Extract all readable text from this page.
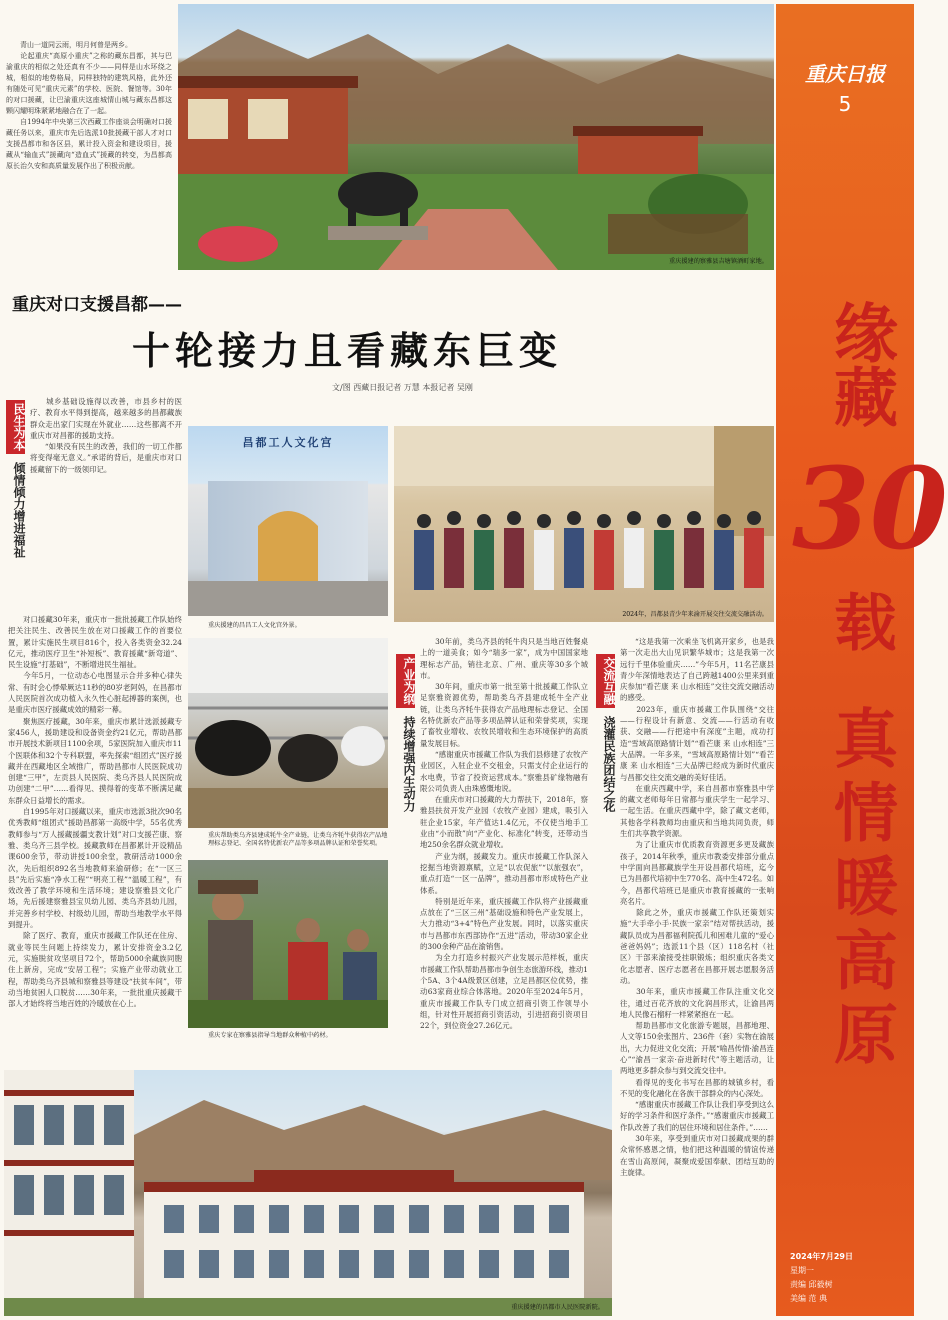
重庆援建的察雅县吉塘镇酒町家地。
重庆日报
5
缘藏
30
载
真情暖高原
2024年7月29日
星期一
责编 邱毅树
美编 范 典
　　青山一道同云雨，明月何曾是两乡。
　　论起重庆“高原小重庆”之称的藏东昌都，其与巴渝重庆的相似之处还真有不少——同样是山水环绕之城，相似的地势格局，同样独特的建筑风格，此外还有随处可见“重庆元素”的学校、医院、餐馆等。30年的对口援藏，让巴渝重庆这座城情山城与藏东昌都这颗闪耀明珠紧紧地融合在了一起。
　　自1994年中央第三次西藏工作座谈会明确对口援藏任务以来，重庆市先后选派10批援藏干部人才对口支援昌都市和各区县，累计投入资金和建设项目，援藏从“输血式”援藏向“造血式”援藏的转变，为昌都高原长治久安和高质量发展作出了积极贡献。
重庆对口支援昌都——
十轮接力且看藏东巨变
文/图 西藏日报记者 万慧 本报记者 吴刚
民生为本
倾情倾力增进福祉
　　城乡基础设施得以改善，市县乡村的医疗、教育水平得到提高，越来越多的昌都藏族群众走出家门实现在外就业……这些都离不开重庆市对昌都的援助支持。
　　“如果没有民生的改善，我们的一切工作都将变得毫无意义。”承诺的背后，是重庆市对口援藏留下的一级领印记。
　　对口援藏30年来，重庆市一批批援藏工作队始终把关注民生、改善民生放在对口援藏工作的首要位置，累计实施民生项目816个，投入各类资金32.24亿元，推动医疗卫生“补短板”、教育援藏“新弯道”、民生设施“打基础”，不断增进民生福祉。
　　今年5月，一位动态心电图显示合并多种心律失常、有时会心悸晕厥达11秒的80岁老阿妈，在昌都市人民医院首次成功植入永久性心脏起搏器的案例，也是重庆市医疗援藏成效的精彩一幕。
　　聚焦医疗援藏，30年来，重庆市累计选派援藏专家456人，援助建设和设备资金约21亿元，帮助昌都市开展技术新项目1100余项，5家医院加入重庆市11个医联体和32个专科联盟，率先探索“组团式”医疗援藏并在西藏地区全域推广，帮助昌都市人民医院成功创建“三甲”，左贡县人民医院、类乌齐县人民医院成功创建“二甲”……看得见、摸得着的变革不断满足藏东群众日益增长的需求。
　　自1995年对口援藏以来，重庆市选派3批次90名优秀教师“组团式”援助昌都第一高级中学，55名优秀教师参与“万人援藏援疆支教计划”对口支援芒康、察雅、类乌齐三县学校。援藏教师在昌都累计开设精品课600余节，带动讲授100余堂，教研活动1000余次，先后组织892名当地教师来渝研修；在“一区三县”先后实施“净水工程”“明亮工程”“温暖工程”，有效改善了教学环境和生活环境；建设察雅县文化广场，先后援建察雅县宝贝幼儿园、类乌齐县幼儿园，并完善乡村学校、村级幼儿园，帮助当地教学水平得到提升。
　　除了医疗、教育，重庆市援藏工作队还在住房、就业等民生问题上持续发力，累计安排资金3.2亿元，实施脱贫攻坚项目72个，帮助5000余藏族同胞住上新房，完成“安居工程”；实施产业带动就业工程，帮助类乌齐县城和察雅县等建设“扶贫车间”，带动当地贫困人口脱贫……30年来，一批批重庆援藏干部人才始终将当地百姓的冷暖放在心上。
昌都工人文化宫
重庆援建的昌昌工人文化宫外景。
重庆帮助类乌齐县建成牦牛全产业链，让类乌齐牦牛获得农产品地理标志登记、全国名特优新农产品等多项品牌认证和荣誉奖项。
重庆专家在察雅县指导当地群众种植中药材。
2024年，昌都县青少年来渝开展交往交流交融活动。
产业为纲
持续增强内生动力
　　30年前，类乌齐县的牦牛肉只是当地百姓餐桌上的一道美食；如今“瑞多一家”，成为中国国家地理标志产品，销往北京、广州、重庆等30多个城市。
　　30年间，重庆市第一批至第十批援藏工作队立足察雅资源优势，帮助类乌齐县建成牦牛全产业链，让类乌齐牦牛获得农产品地理标志登记、全国名特优新农产品等多项品牌认证和荣誉奖项，实现了畜牧业增收、农牧民增收和生态环境保护的高质量发展目标。
　　“感谢重庆市援藏工作队为我们县修建了农牧产业园区，入驻企业不交租金，只需支付企业运行的水电费，节省了投资运营成本。”察雅县矿缘物融有限公司负责人由珠感慨地说。
　　在重庆市对口援藏的大力帮扶下，2018年，察雅县扶贫开发产业园（农牧产业园）建成，吸引入驻企业15家，年产值达1.4亿元，不仅使当地手工业由“小而散”向“产业化、标准化”转变，还带动当地250余名群众就业增收。
　　产业为纲，援藏发力。重庆市援藏工作队深入挖掘当地资源禀赋，立足“以农促旅”“以旅强农”，重点打造“一区一品牌”，推动昌都市形成特色产业体系。
　　特别是近年来，重庆援藏工作队将产业援藏重点放在了“三区三州”基础设施和特色产业发展上，大力推动“3+4”特色产业发展。同时，以落实重庆市与昌都市东西部协作“五进”活动，带动30家企业的300余种产品在渝销售。
　　为全力打造乡村振兴产业发展示范样板，重庆市援藏工作队帮助昌都市争创生态旅游环线，推动1个5A、3个4A级景区创建，立足昌都区位优势，推动63家商业综合体落地。2020年至2024年5月，重庆市援藏工作队专门成立招商引资工作领导小组，针对性开展招商引资活动，引进招商引资项目22个，到位资金27.26亿元。
交流互融
浇灌民族团结之花
　　“这是我第一次乘坐飞机离开家乡，也是我第一次走出大山见识繁华城市；这是我第一次远行千里体验重庆……”今年5月，11名芒康县青少年深情地表达了自己跨越1400公里来到重庆参加“看芒康 来 山水相连”交往交流交融活动的感受。
　　2023年，重庆市援藏工作队围绕“交往——行程设计有新意、交流——行活动有收获、交融——行把途中有深度”主题，成功打造“雪域高原路情计划”“看芒康 来 山水相连”三大品牌。一年多来，“雪域高原路情计划”“看芒康 来 山水相连”三大品牌已经成为新时代重庆与昌都交往交流交融的美好佳话。
　　在重庆西藏中学，来自昌都市察雅县中学的藏文老师每年日常都与重庆学生一起学习、一起生活。在重庆西藏中学，除了藏文老师，其他各学科教师均由重庆和当地共同负责，师生们共享教学资源。
　　为了让重庆市优质教育资源更多更及藏族孩子，2014年秋季，重庆市教委安排部分重点中学面向昌都藏族学生开设昌都代培班，迄今已为昌都代培初中生770名、高中生472名。如今，昌都代培班已是重庆市教育援藏的一张响亮名片。
　　除此之外，重庆市援藏工作队还策划实施“大手牵小手·民族一家亲”结对帮扶活动，援藏队员成为昌都福利院孤儿和困难儿童的“爱心爸爸妈妈”；选派11个县（区）118名村（社区）干部来渝接受挂职锻炼；组织重庆各类文化志愿者、医疗志愿者在昌都开展志愿服务活动。
　　30年来，重庆市援藏工作队注重文化交往，通过百花齐放的文化润昌形式，让渝昌两地人民像石榴籽一样紧紧抱在一起。
　　帮助昌都市文化旅游专题展，昌都地理、人文等150余张图片、236件（套）实物在渝展出，大力促进文化交流；开展“喻昌传情·渝昌连心”“渝昌一家亲·奋进新时代”等主题活动，让两地更多群众参与到交流交往中。
　　看得见的变化书写在昌都的城镇乡村，看不见的变化融化在各族干部群众的内心深处。
　　“感谢重庆市援藏工作队让我们享受到这么好的学习条件和医疗条件。”“感谢重庆市援藏工作队改善了我们的居住环境和居住条件。”……
　　30年来，享受到重庆市对口援藏成果的群众常怀感恩之情，他们把这种温暖的情谊传递在雪山高原间，凝聚成爱国奉献、团结互助的主旋律。
重庆援建的昌都市人民医院新院。
